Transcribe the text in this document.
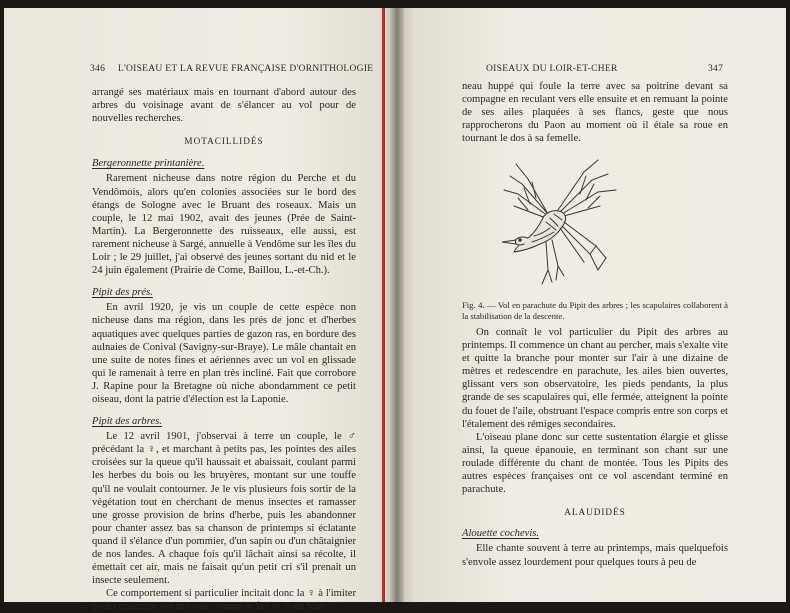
346 L'OISEAU ET LA REVUE FRANÇAISE D'ORNITHOLOGIE

arrangé ses matériaux mais en tournant d'abord autour des arbres du voisinage avant de s'élancer au vol pour de nouvelles recherches.

MOTACILLIDÉS
Bergeronnette printanière.

Rarement nicheuse dans notre région du Perche et du Vendômois, alors qu'en colonies associées sur le bord des étangs de Sologne avec le Bruant des roseaux. Mais un couple, le 12 mai 1902, avait des jeunes (Prée de Saint-Martin). La Bergeronnette des ruisseaux, elle aussi, est rarement nicheuse à Sargé, annuelle à Vendôme sur les îles du Loir ; le 29 juillet, j'ai observé des jeunes sortant du nid et le 24 juin également (Prairie de Come, Baillou, L.-et-Ch.).

Pipit des prés.

En avril 1920, je vis un couple de cette espèce non nicheuse dans ma région, dans les prés de jonc et d'herbes aquatiques avec quelques parties de gazon ras, en bordure des aulnaies de Conival (Savigny-sur-Braye). Le mâle chantait en une suite de notes fines et aériennes avec un vol en glissade qui le ramenait à terre en plan très incliné. Fait que corrobore J. Rapine pour la Bretagne où niche abondamment ce petit oiseau, dont la patrie d'élection est la Laponie.

Pipit des arbres.

Le 12 avril 1901, j'observai à terre un couple, le ♂ précédant la ♀, et marchant à petits pas, les pointes des ailes croisées sur la queue qu'il haussait et abaissait, coulant parmi les herbes du bois ou les bruyères, montant sur une touffe qu'il ne voulait contourner. Je le vis plusieurs fois sortir de la végétation tout en cherchant de menus insectes et ramasser une grosse provision de brins d'herbe, puis les abandonner pour chanter assez bas sa chanson de printemps si éclatante quand il s'élance d'un pommier, d'un sapin ou d'un châtaignier de nos landes. A chaque fois qu'il lâchait ainsi sa récolte, il émettait cet air, mais ne faisait qu'un petit cri s'il prenait un insecte seulement.

Ce comportement si particulier incitait donc la ♀ à l'imiter pour construire son nid tout comme le fait le ♂ du Van-

OISEAUX DU LOIR-ET-CHER	347

neau huppé qui foule la terre avec sa poitrine devant sa compagne en reculant vers elle ensuite et en remuant la pointe de ses ailes plaquées à ses flancs, geste que nous rapprocherons du Paon au moment où il étale sa roue en tournant le dos à sa femelle.

Fig. 4. — Vol en parachute du Pipit des arbres ; les scapulaires collaborent à la stabilisation de la descente.

On connaît le vol particulier du Pipit des arbres au printemps. Il commence un chant au percher, mais s'exalte vite et quitte la branche pour monter sur l'air à une dizaine de mètres et redescendre en parachute, les ailes bien ouvertes, glissant vers son observatoire, les pieds pendants, la plus grande de ses scapulaires qui, elle fermée, atteignent la pointe du fouet de l'aile, obstruant l'espace compris entre son corps et l'étalement des rémiges secondaires.

L'oiseau plane donc sur cette sustentation élargie et glisse ainsi, la queue épanouie, en terminant son chant sur une roulade différente du chant de montée. Tous les Pipits des autres espèces françaises ont ce vol ascendant terminé en parachute.

ALAUDIDÉS
Alouette cochevis.

Elle chante souvent à terre au printemps, mais quelquefois s'envole assez lourdement pour quelques tours à peu de
